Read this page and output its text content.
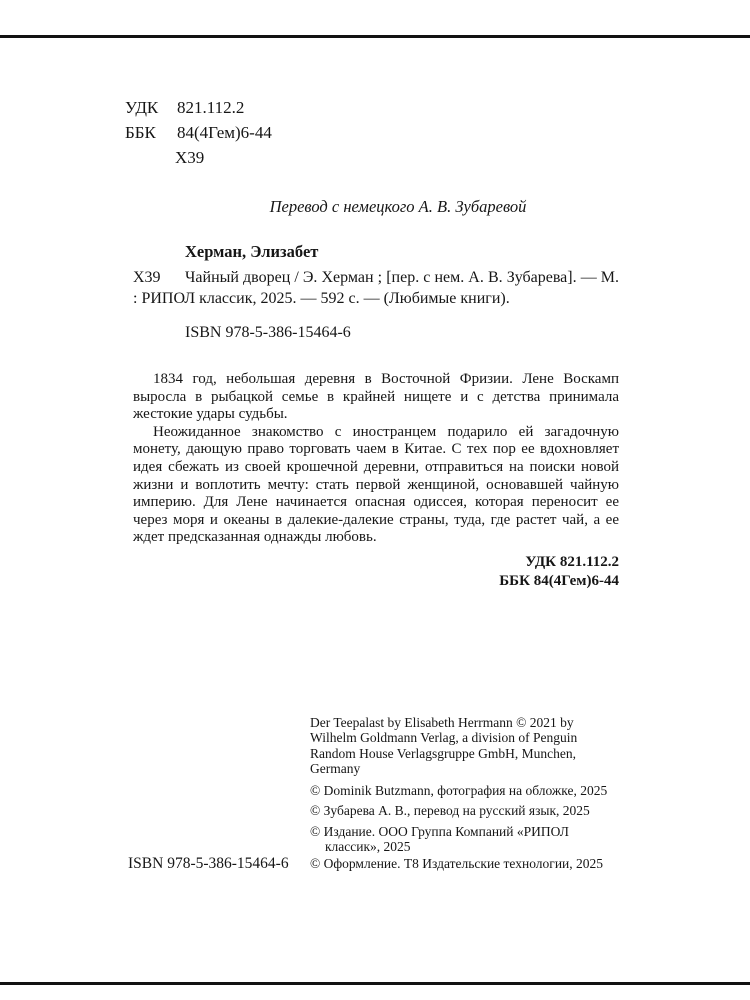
УДК 821.112.2
ББК 84(4Гем)6-44
Х39
Перевод с немецкого А. В. Зубаревой
Херман, Элизабет

Х39 Чайный дворец / Э. Херман ; [пер. с нем. А. В. Зубарева]. — М. : РИПОЛ классик, 2025. — 592 с. — (Любимые книги).

ISBN 978-5-386-15464-6

1834 год, небольшая деревня в Восточной Фризии. Лене Воскамп выросла в рыбацкой семье в крайней нищете и с детства принимала жестокие удары судьбы.

Неожиданное знакомство с иностранцем подарило ей загадочную монету, дающую право торговать чаем в Китае. С тех пор ее вдохновляет идея сбежать из своей крошечной деревни, отправиться на поиски новой жизни и воплотить мечту: стать первой женщиной, основавшей чайную империю. Для Лене начинается опасная одиссея, которая переносит ее через моря и океаны в далекие-далекие страны, туда, где растет чай, а ее ждет предсказанная однажды любовь.

УДК 821.112.2
ББК 84(4Гем)6-44

Der Teepalast by Elisabeth Herrmann © 2021 by Wilhelm Goldmann Verlag, a division of Penguin Random House Verlagsgruppe GmbH, Munchen, Germany

© Dominik Butzmann, фотография на обложке, 2025
© Зубарева А. В., перевод на русский язык, 2025
© Издание. ООО Группа Компаний «РИПОЛ классик», 2025
ISBN 978-5-386-15464-6	© Оформление. Т8 Издательские технологии, 2025
